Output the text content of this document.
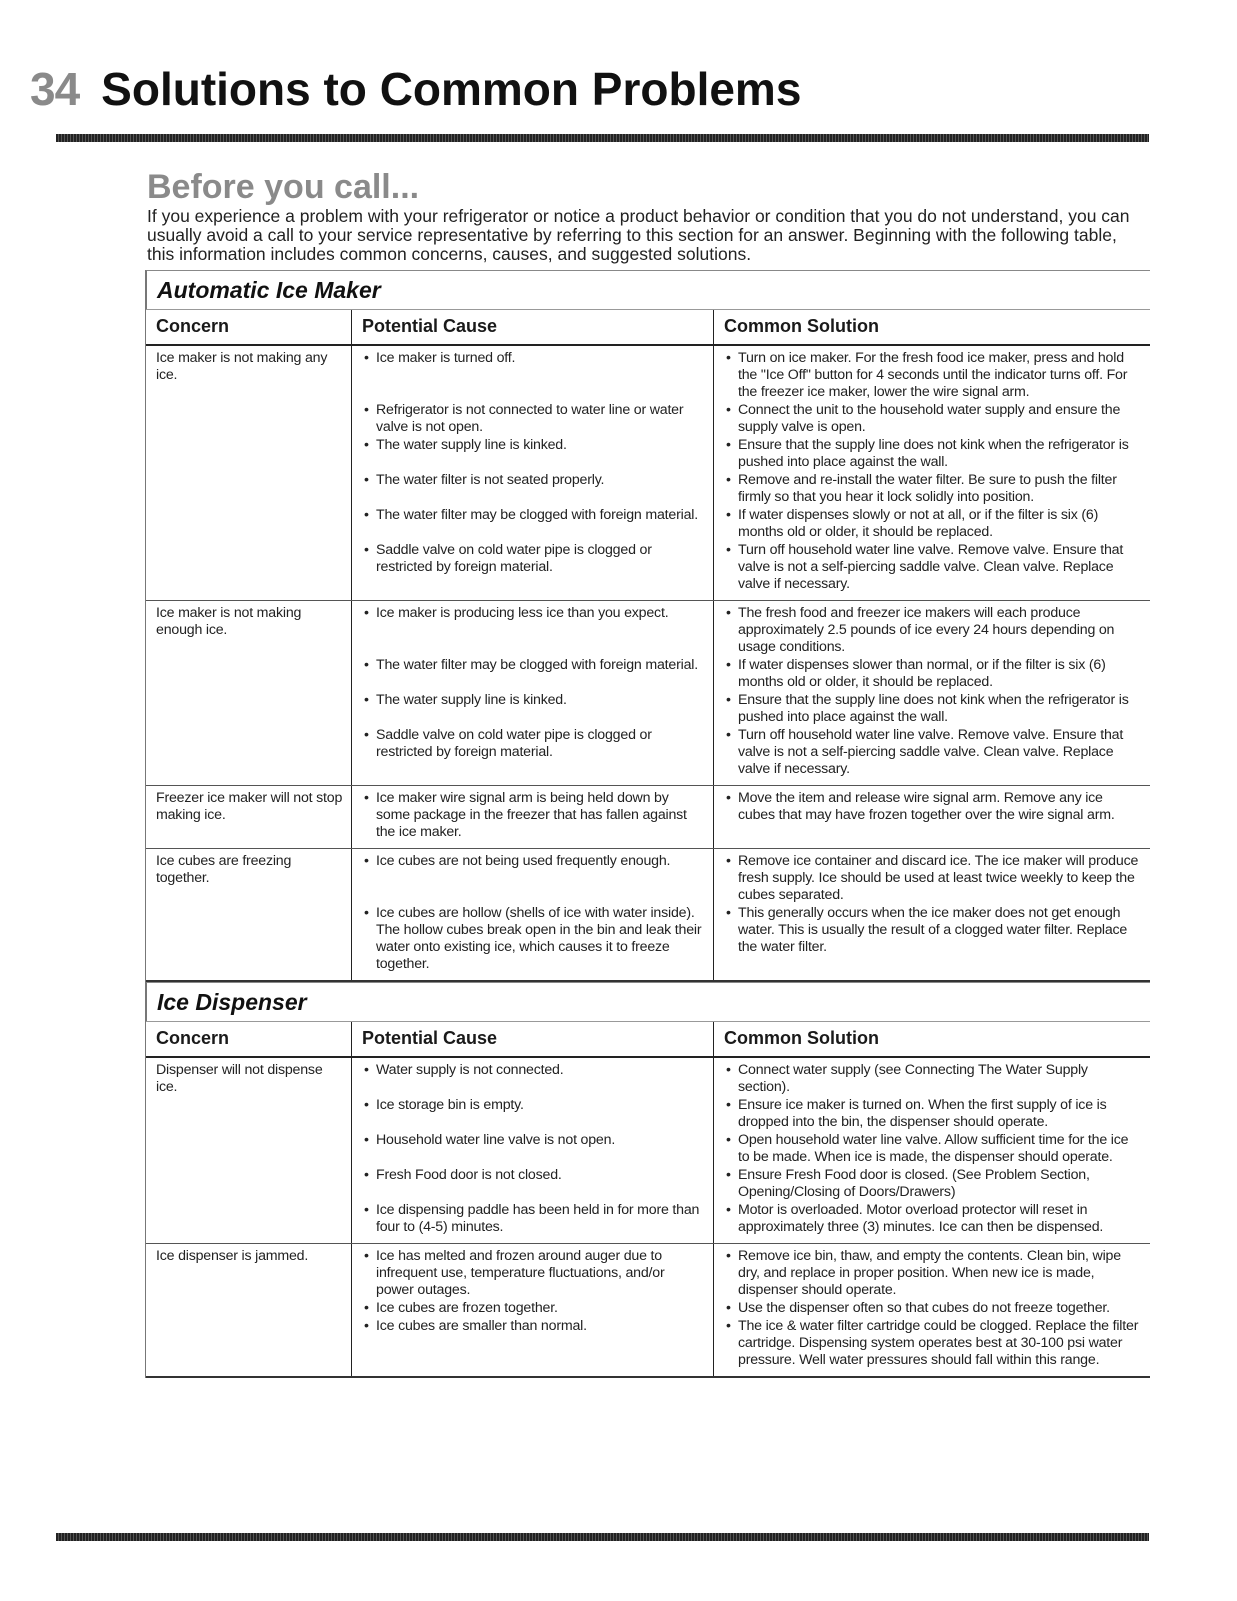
34 Solutions to Common Problems
Before you call...
If you experience a problem with your refrigerator or notice a product behavior or condition that you do not understand, you can usually avoid a call to your service representative by referring to this section for an answer. Beginning with the following table, this information includes common concerns, causes, and suggested solutions.
Automatic Ice Maker
Concern	Potential Cause	Common Solution
Ice maker is not making any ice.
• Ice maker is turned off.
• Refrigerator is not connected to water line or water valve is not open.
• The water supply line is kinked.
• The water filter is not seated properly.
• The water filter may be clogged with foreign material.
• Saddle valve on cold water pipe is clogged or restricted by foreign material.
• Turn on ice maker. For the fresh food ice maker, press and hold the "Ice Off" button for 4 seconds until the indicator turns off. For the freezer ice maker, lower the wire signal arm.
• Connect the unit to the household water supply and ensure the supply valve is open.
• Ensure that the supply line does not kink when the refrigerator is pushed into place against the wall.
• Remove and re-install the water filter. Be sure to push the filter firmly so that you hear it lock solidly into position.
• If water dispenses slowly or not at all, or if the filter is six (6) months old or older, it should be replaced.
• Turn off household water line valve. Remove valve. Ensure that valve is not a self-piercing saddle valve. Clean valve. Replace valve if necessary.
Ice maker is not making enough ice.
• Ice maker is producing less ice than you expect.
• The water filter may be clogged with foreign material.
• The water supply line is kinked.
• Saddle valve on cold water pipe is clogged or restricted by foreign material.
• The fresh food and freezer ice makers will each produce approximately 2.5 pounds of ice every 24 hours depending on usage conditions.
• If water dispenses slower than normal, or if the filter is six (6) months old or older, it should be replaced.
• Ensure that the supply line does not kink when the refrigerator is pushed into place against the wall.
• Turn off household water line valve. Remove valve. Ensure that valve is not a self-piercing saddle valve. Clean valve. Replace valve if necessary.
Freezer ice maker will not stop making ice.
• Ice maker wire signal arm is being held down by some package in the freezer that has fallen against the ice maker.
• Move the item and release wire signal arm. Remove any ice cubes that may have frozen together over the wire signal arm.
Ice cubes are freezing together.
• Ice cubes are not being used frequently enough.
• Ice cubes are hollow (shells of ice with water inside). The hollow cubes break open in the bin and leak their water onto existing ice, which causes it to freeze together.
• Remove ice container and discard ice. The ice maker will produce fresh supply. Ice should be used at least twice weekly to keep the cubes separated.
• This generally occurs when the ice maker does not get enough water. This is usually the result of a clogged water filter. Replace the water filter.
Ice Dispenser
Concern	Potential Cause	Common Solution
Dispenser will not dispense ice.
• Water supply is not connected.
• Ice storage bin is empty.
• Household water line valve is not open.
• Fresh Food door is not closed.
• Ice dispensing paddle has been held in for more than four to (4-5) minutes.
• Connect water supply (see Connecting The Water Supply section).
• Ensure ice maker is turned on. When the first supply of ice is dropped into the bin, the dispenser should operate.
• Open household water line valve. Allow sufficient time for the ice to be made. When ice is made, the dispenser should operate.
• Ensure Fresh Food door is closed. (See Problem Section, Opening/Closing of Doors/Drawers)
• Motor is overloaded. Motor overload protector will reset in approximately three (3) minutes. Ice can then be dispensed.
Ice dispenser is jammed.
•	Ice has melted and frozen around auger due to infrequent use, temperature fluctuations, and/or power outages.
• Ice cubes are frozen together.
• Ice cubes are smaller than normal.
• Remove ice bin, thaw, and empty the contents. Clean bin, wipe dry, and replace in proper position. When new ice is made, dispenser should operate.
• Use the dispenser often so that cubes do not freeze together.
• The ice & water filter cartridge could be clogged. Replace the filter cartridge. Dispensing system operates best at 30-100 psi water pressure. Well water pressures should fall within this range.
